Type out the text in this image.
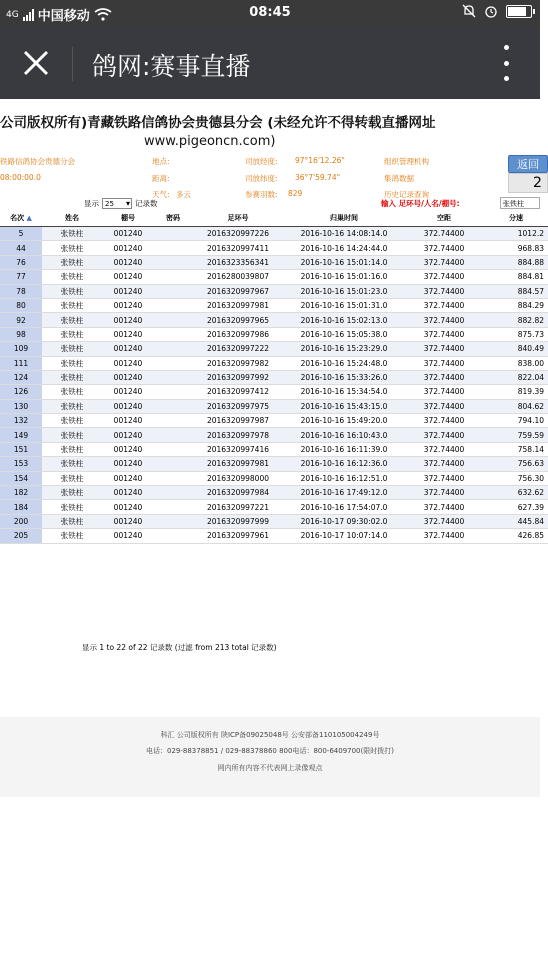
4G 中国移动	08:45
鸽网:赛事直播
公司版权所有)青藏铁路信鸽协会贵德县分会 (未经允许不得转载直播网址
www.pigeoncn.com)
铁路信鸽协会贵德分会
08:00:00.0
地点:
距离:
天气: 多云
司放经度: 97°16'12.26"
司放纬度: 36°7'59.74"
参赛羽数: 829
组织管理机构
集鸽数据
历史记录查询
返回
2
显示 25 ▾	记录数	输入 足环号/人名/棚号:	张铁柱
名次 ▲	姓名	棚号	密码	足环号	归巢时间	空距	分速
5	张铁柱	001240		2016320997226	2016-10-16 14:08:14.0	372.74400	1012.2
44	张铁柱	001240		2016320997411	2016-10-16 14:24:44.0	372.74400	968.83
76	张铁柱	001240		2016323356341	2016-10-16 15:01:14.0	372.74400	884.88
77	张铁柱	001240		2016280039807	2016-10-16 15:01:16.0	372.74400	884.81
78	张铁柱	001240		2016320997967	2016-10-16 15:01:23.0	372.74400	884.57
80	张铁柱	001240		2016320997981	2016-10-16 15:01:31.0	372.74400	884.29
92	张铁柱	001240		2016320997965	2016-10-16 15:02:13.0	372.74400	882.82
98	张铁柱	001240		2016320997986	2016-10-16 15:05:38.0	372.74400	875.73
109	张铁柱	001240		2016320997222	2016-10-16 15:23:29.0	372.74400	840.49
111	张铁柱	001240		2016320997982	2016-10-16 15:24:48.0	372.74400	838.00
124	张铁柱	001240		2016320997992	2016-10-16 15:33:26.0	372.74400	822.04
126	张铁柱	001240		2016320997412	2016-10-16 15:34:54.0	372.74400	819.39
130	张铁柱	001240		2016320997975	2016-10-16 15:43:15.0	372.74400	804.62
132	张铁柱	001240		2016320997987	2016-10-16 15:49:20.0	372.74400	794.10
149	张铁柱	001240		2016320997978	2016-10-16 16:10:43.0	372.74400	759.59
151	张铁柱	001240		2016320997416	2016-10-16 16:11:39.0	372.74400	758.14
153	张铁柱	001240		2016320997981	2016-10-16 16:12:36.0	372.74400	756.63
154	张铁柱	001240		2016320998000	2016-10-16 16:12:51.0	372.74400	756.30
182	张铁柱	001240		2016320997984	2016-10-16 17:49:12.0	372.74400	632.62
184	张铁柱	001240		2016320997221	2016-10-16 17:54:07.0	372.74400	627.39
200	张铁柱	001240		2016320997999	2016-10-17 09:30:02.0	372.74400	445.84
205	张铁柱	001240		2016320997961	2016-10-17 10:07:14.0	372.74400	426.85
显示 1 to 22 of 22 记录数 (过滤 from 213 total 记录数)
科汇 公司版权所有 陕ICP备09025048号 公安部备110105004249号
电话：029-88378851 / 029-88378860 800电话：800-6409700(限时拨打)
网内所有内容不代表网上录像观点
